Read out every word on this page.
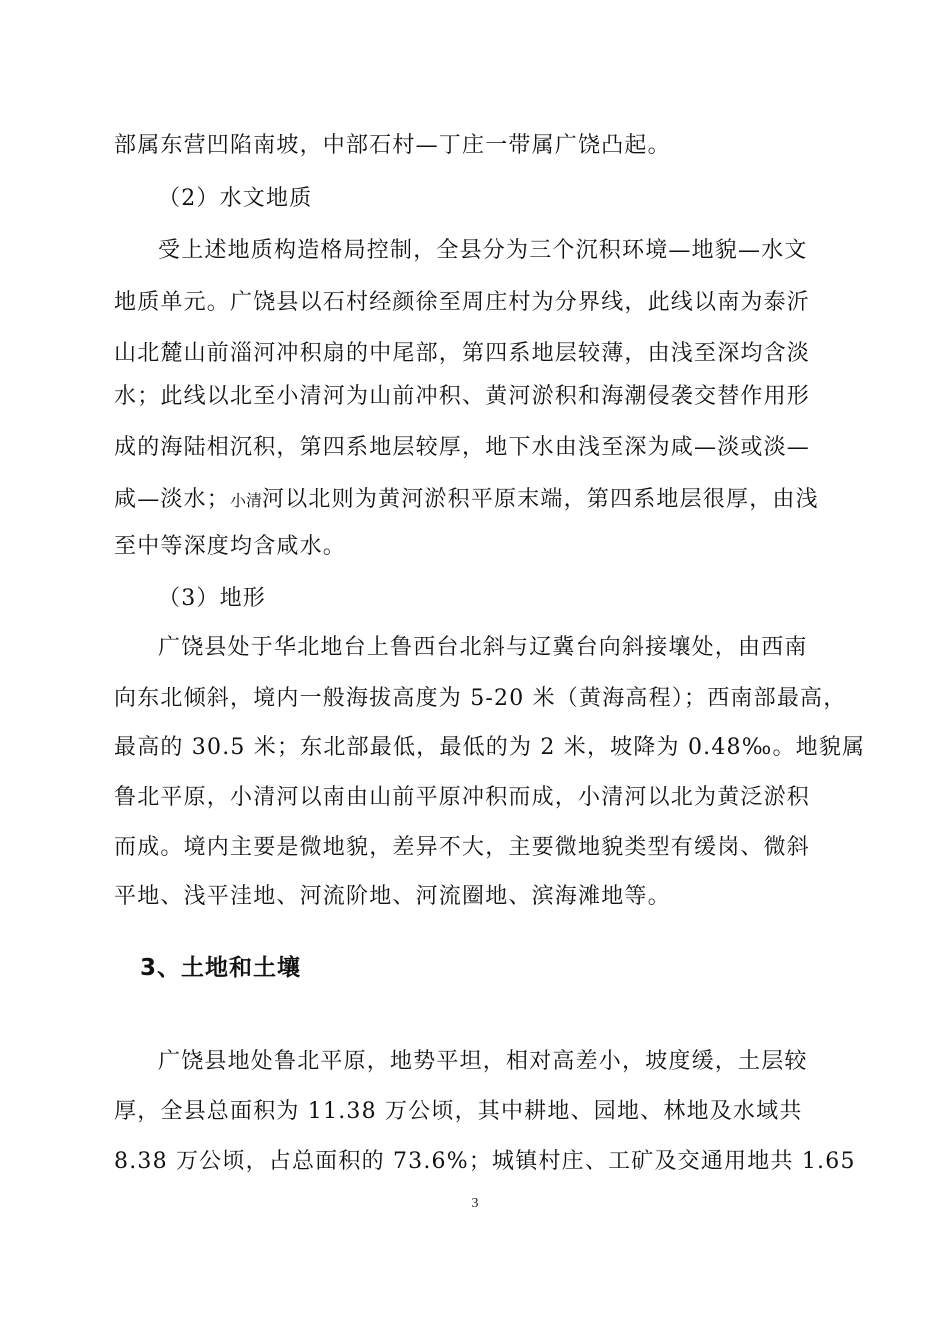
部属东营凹陷南坡，中部石村—丁庄一带属广饶凸起。
（2）水文地质
受上述地质构造格局控制，全县分为三个沉积环境—地貌—水文
地质单元。广饶县以石村经颜徐至周庄村为分界线，此线以南为泰沂
山北麓山前淄河冲积扇的中尾部，第四系地层较薄，由浅至深均含淡
水；此线以北至小清河为山前冲积、黄河淤积和海潮侵袭交替作用形
成的海陆相沉积，第四系地层较厚，地下水由浅至深为咸—淡或淡—
咸—淡水；小清河以北则为黄河淤积平原末端，第四系地层很厚，由浅
至中等深度均含咸水。
（3）地形
广饶县处于华北地台上鲁西台北斜与辽冀台向斜接壤处，由西南
向东北倾斜，境内一般海拔高度为 5-20 米（黄海高程）；西南部最高，
最高的 30.5 米；东北部最低，最低的为 2 米，坡降为 0.48‰。地貌属
鲁北平原，小清河以南由山前平原冲积而成，小清河以北为黄泛淤积
而成。境内主要是微地貌，差异不大，主要微地貌类型有缓岗、微斜
平地、浅平洼地、河流阶地、河流圈地、滨海滩地等。
3、土地和土壤
广饶县地处鲁北平原，地势平坦，相对高差小，坡度缓，土层较
厚，全县总面积为 11.38 万公顷，其中耕地、园地、林地及水域共
8.38 万公顷，占总面积的 73.6%；城镇村庄、工矿及交通用地共 1.65
3
